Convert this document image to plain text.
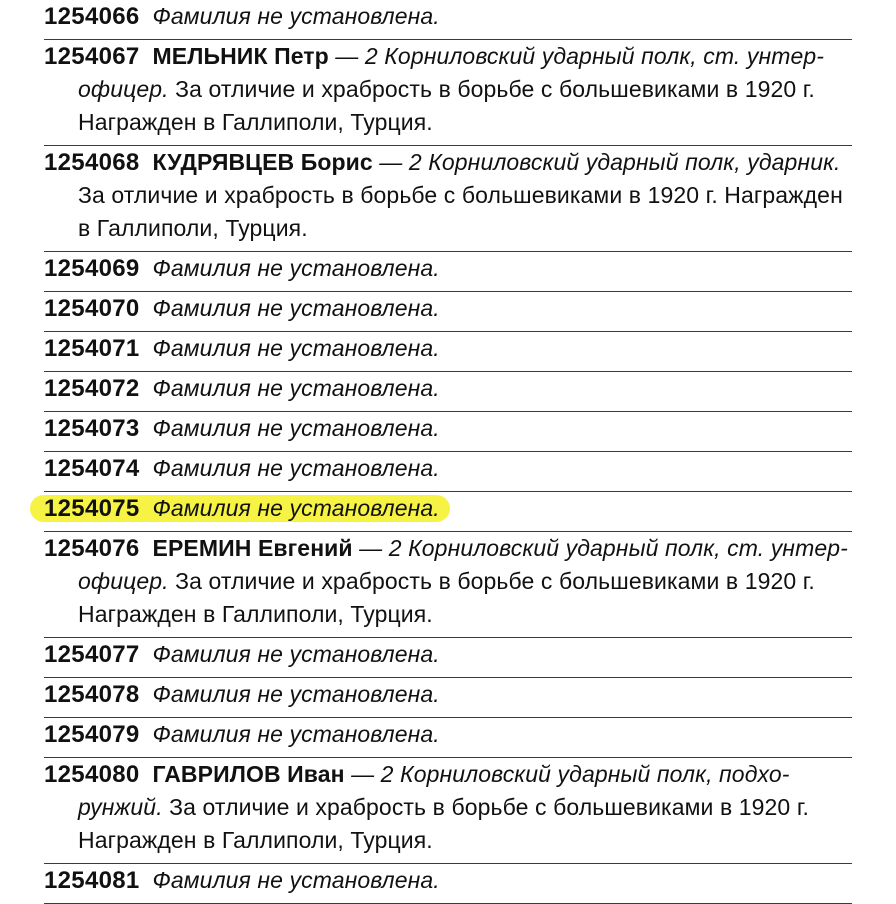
1254066 Фамилия не установлена.
1254067 МЕЛЬНИК Петр — 2 Корниловский ударный полк, ст. унтер-
офицер. За отличие и храбрость в борьбе с большевиками в 1920 г.
Награжден в Галлиполи, Турция.
1254068 КУДРЯВЦЕВ Борис — 2 Корниловский ударный полк, ударник.
За отличие и храбрость в борьбе с большевиками в 1920 г. Награжден
в Галлиполи, Турция.
1254069 Фамилия не установлена.
1254070 Фамилия не установлена.
1254071 Фамилия не установлена.
1254072 Фамилия не установлена.
1254073 Фамилия не установлена.
1254074 Фамилия не установлена.
1254075 Фамилия не установлена.
1254076 ЕРЕМИН Евгений — 2 Корниловский ударный полк, ст. унтер-
офицер. За отличие и храбрость в борьбе с большевиками в 1920 г.
Награжден в Галлиполи, Турция.
1254077 Фамилия не установлена.
1254078 Фамилия не установлена.
1254079 Фамилия не установлена.
1254080 ГАВРИЛОВ Иван — 2 Корниловский ударный полк, подхо-
рунжий. За отличие и храбрость в борьбе с большевиками в 1920 г.
Награжден в Галлиполи, Турция.
1254081 Фамилия не установлена.
